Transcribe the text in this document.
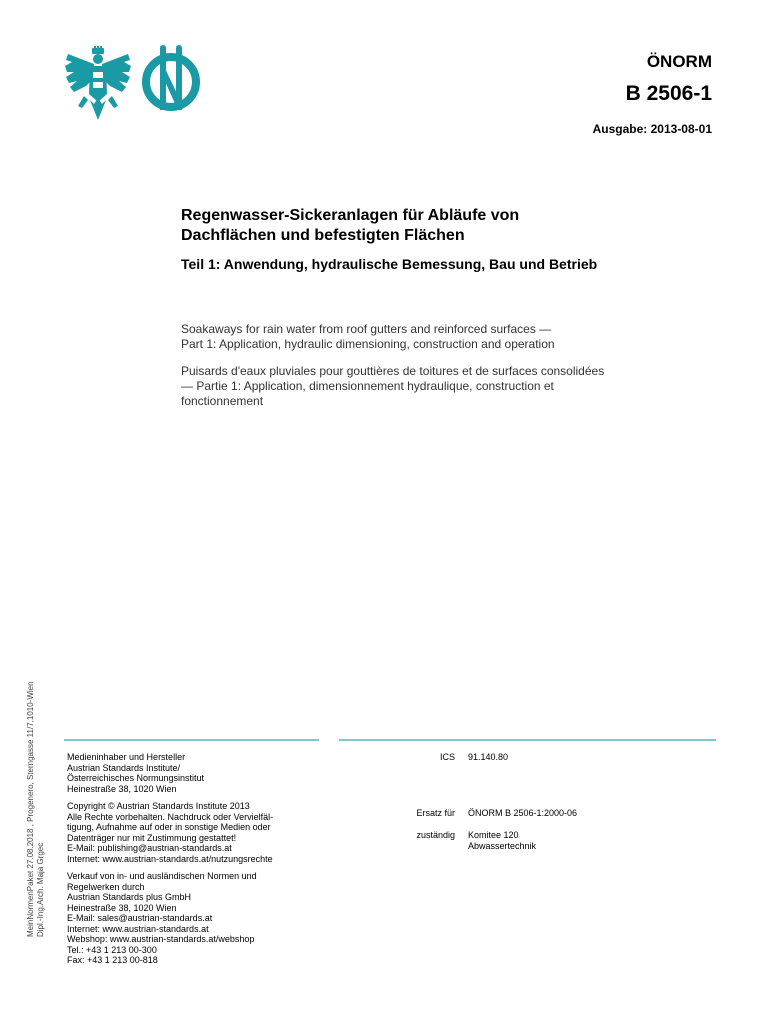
ÖNORM
B 2506-1
Ausgabe: 2013-08-01
Regenwasser-Sickeranlagen für Abläufe von
Dachflächen und befestigten Flächen
Teil 1: Anwendung, hydraulische Bemessung, Bau und Betrieb
Soakaways for rain water from roof gutters and reinforced surfaces —
Part 1: Application, hydraulic dimensioning, construction and operation
Puisards d'eaux pluviales pour gouttières de toitures et de surfaces consolidées
— Partie 1: Application, dimensionnement hydraulique, construction et
fonctionnement
MeinNormenPaket 27.08.2018 , Progenero, Sterngasse 11/7,1010-Wien Dipl.-Ing.Arch. Maja Grgec
Medieninhaber und Hersteller
Austrian Standards Institute/
Österreichisches Normungsinstitut
Heinestraße 38, 1020 Wien
Copyright © Austrian Standards Institute 2013
Alle Rechte vorbehalten. Nachdruck oder Vervielfäl-
tigung, Aufnahme auf oder in sonstige Medien oder
Datenträger nur mit Zustimmung gestattet!
E-Mail: publishing@austrian-standards.at
Internet: www.austrian-standards.at/nutzungsrechte
Verkauf von in- und ausländischen Normen und
Regelwerken durch
Austrian Standards plus GmbH
Heinestraße 38, 1020 Wien
E-Mail: sales@austrian-standards.at
Internet: www.austrian-standards.at
Webshop: www.austrian-standards.at/webshop
Tel.: +43 1 213 00-300
Fax: +43 1 213 00-818
ICS 91.140.80
Ersatz für ÖNORM B 2506-1:2000-06
zuständig Komitee 120
Abwassertechnik
